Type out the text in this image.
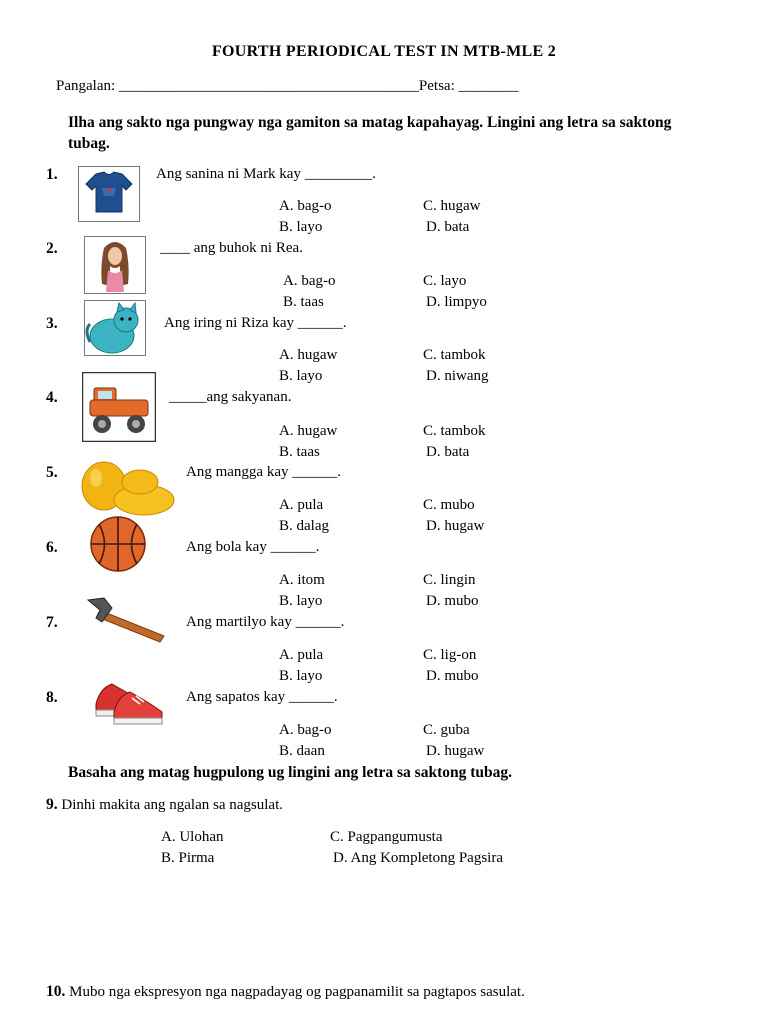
FOURTH PERIODICAL TEST IN MTB-MLE 2
Pangalan: ________________________________________Petsa: ________
Ilha ang sakto nga pungway nga gamiton sa matag kapahayag. Lingini ang letra sa saktong tubag.
1.	Ang sanina ni Mark kay _________.
A. bag-o	C. hugaw
B. layo	D. bata
2.	____ ang buhok ni Rea.
A. bag-o	C. layo
B. taas	D. limpyo
3.	Ang iring ni Riza kay ______.
A. hugaw	C. tambok
B. layo	D. niwang
4.	_____ang sakyanan.
A. hugaw	C. tambok
B. taas	D. bata
5.	Ang mangga kay ______.
A. pula	C. mubo
B. dalag	D. hugaw
6.	Ang bola kay ______.
A. itom	C. lingin
B. layo	D. mubo
7.	Ang martilyo kay ______.
A. pula	C. lig-on
B. layo	D. mubo
8.	Ang sapatos kay ______.
A. bag-o	C. guba
B. daan	D. hugaw
Basaha ang matag hugpulong ug lingini ang letra sa saktong tubag.
9. Dinhi makita ang ngalan sa nagsulat.
A. Ulohan	C. Pagpangumusta
B. Pirma	D. Ang Kompletong Pagsira
10. Mubo nga ekspresyon nga nagpadayag og pagpanamilit sa pagtapos sasulat.
